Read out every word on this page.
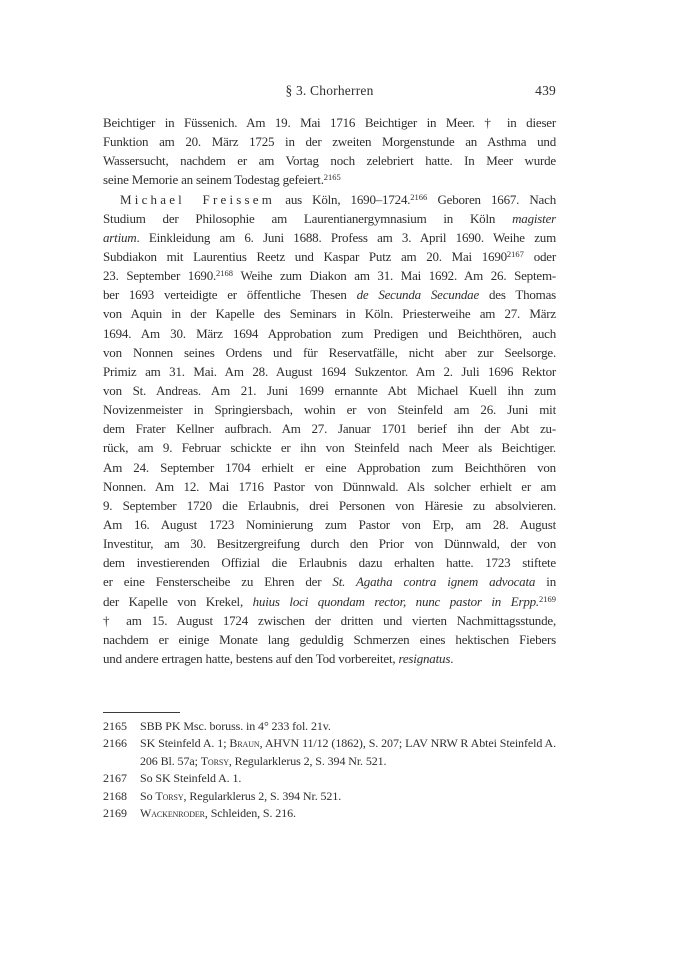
§ 3. Chorherren	439
Beichtiger in Füssenich. Am 19. Mai 1716 Beichtiger in Meer. † in dieser
Funktion am 20. März 1725 in der zweiten Morgenstunde an Asthma und
Wassersucht, nachdem er am Vortag noch zelebriert hatte. In Meer wurde
seine Memorie an seinem Todestag gefeiert.$^{2165}$
Michael Freissem aus Köln, 1690–1724.$^{2166}$ Geboren 1667. Nach
Studium der Philosophie am Laurentianergymnasium in Köln magister
artium. Einkleidung am 6. Juni 1688. Profess am 3. April 1690. Weihe zum
Subdiakon mit Laurentius Reetz und Kaspar Putz am 20. Mai $1690^{2167}$ oder
23. September 1690.$^{2168}$ Weihe zum Diakon am 31. Mai 1692. Am 26. Septem-
ber 1693 verteidigte er öffentliche Thesen de Secunda Secundae des Thomas
von Aquin in der Kapelle des Seminars in Köln. Priesterweihe am 27. März
1694. Am 30. März 1694 Approbation zum Predigen und Beichthören, auch
von Nonnen seines Ordens und für Reservatfälle, nicht aber zur Seelsorge.
Primiz am 31. Mai. Am 28. August 1694 Sukzentor. Am 2. Juli 1696 Rektor
von St. Andreas. Am 21. Juni 1699 ernannte Abt Michael Kuell ihn zum
Novizenmeister in Springiersbach, wohin er von Steinfeld am 26. Juni mit
dem Frater Kellner aufbrach. Am 27. Januar 1701 berief ihn der Abt zu-
rück, am 9. Februar schickte er ihn von Steinfeld nach Meer als Beichtiger.
Am 24. September 1704 erhielt er eine Approbation zum Beichthören von
Nonnen. Am 12. Mai 1716 Pastor von Dünnwald. Als solcher erhielt er am
9. September 1720 die Erlaubnis, drei Personen von Häresie zu absolvieren.
Am 16. August 1723 Nominierung zum Pastor von Erp, am 28. August
Investitur, am 30. Besitzergreifung durch den Prior von Dünnwald, der von
dem investierenden Offizial die Erlaubnis dazu erhalten hatte. 1723 stiftete
er eine Fensterscheibe zu Ehren der St. Agatha contra ignem advocata in
der Kapelle von Krekel, huius loci quondam rector, nunc pastor in Erpp.$^{2169}$
† am 15. August 1724 zwischen der dritten und vierten Nachmittagsstunde,
nachdem er einige Monate lang geduldig Schmerzen eines hektischen Fiebers
und andere ertragen hatte, bestens auf den Tod vorbereitet, resignatus.
2165	SBB PK Msc. boruss. in 4° 233 fol. 21v.
2166	SK Steinfeld A. 1; Braun, AHVN 11/12 (1862), S. 207; LAV NRW R Abtei Steinfeld A. 206 Bl. 57a; Torsy, Regularklerus 2, S. 394 Nr. 521.
2167	So SK Steinfeld A. 1.
2168	So Torsy, Regularklerus 2, S. 394 Nr. 521.
2169	Wackenroder, Schleiden, S. 216.
